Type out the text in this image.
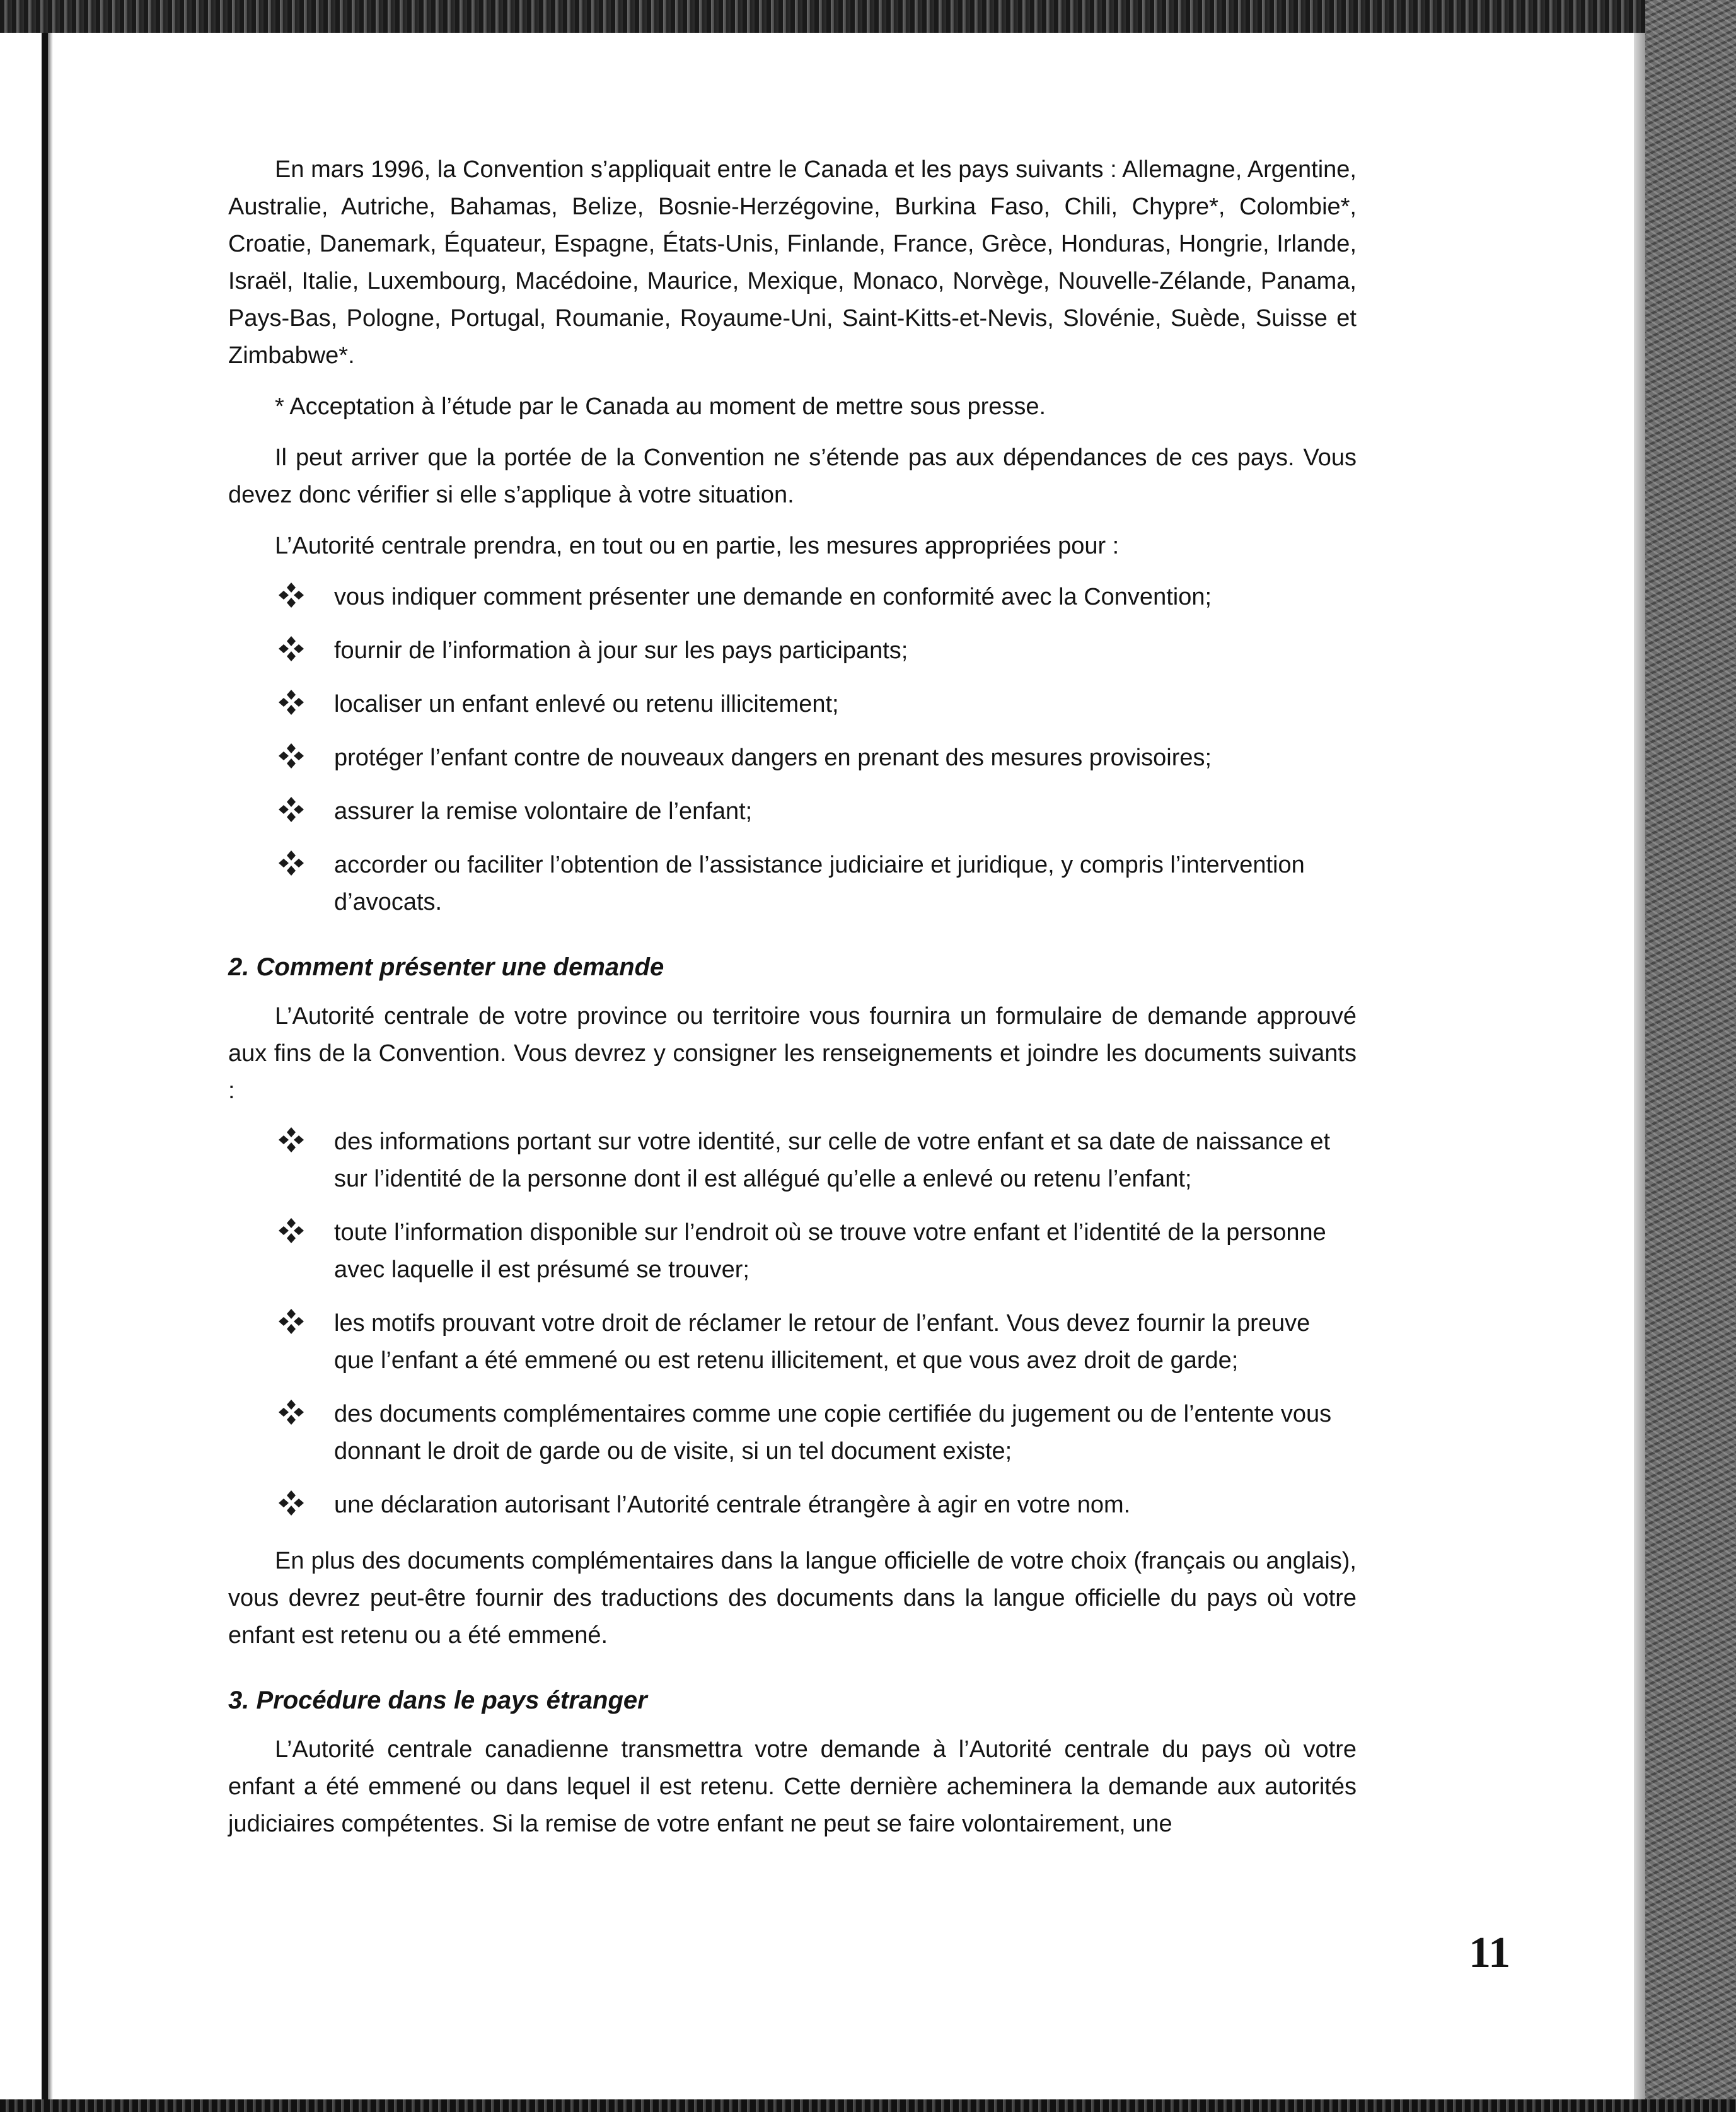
En mars 1996, la Convention s’appliquait entre le Canada et les pays suivants : Allemagne, Argentine, Australie, Autriche, Bahamas, Belize, Bosnie-Herzégovine, Burkina Faso, Chili, Chypre*, Colombie*, Croatie, Danemark, Équateur, Espagne, États-Unis, Finlande, France, Grèce, Honduras, Hongrie, Irlande, Israël, Italie, Luxembourg, Macédoine, Maurice, Mexique, Monaco, Norvège, Nouvelle-Zélande, Panama, Pays-Bas, Pologne, Portugal, Roumanie, Royaume-Uni, Saint-Kitts-et-Nevis, Slovénie, Suède, Suisse et Zimbabwe*.

* Acceptation à l’étude par le Canada au moment de mettre sous presse.

Il peut arriver que la portée de la Convention ne s’étende pas aux dépendances de ces pays. Vous devez donc vérifier si elle s’applique à votre situation.

L’Autorité centrale prendra, en tout ou en partie, les mesures appropriées pour :

vous indiquer comment présenter une demande en conformité avec la Convention;
fournir de l’information à jour sur les pays participants;
localiser un enfant enlevé ou retenu illicitement;
protéger l’enfant contre de nouveaux dangers en prenant des mesures provisoires;
assurer la remise volontaire de l’enfant;
accorder ou faciliter l’obtention de l’assistance judiciaire et juridique, y compris l’intervention d’avocats.
2. Comment présenter une demande

L’Autorité centrale de votre province ou territoire vous fournira un formulaire de demande approuvé aux fins de la Convention. Vous devrez y consigner les renseignements et joindre les documents suivants :

des informations portant sur votre identité, sur celle de votre enfant et sa date de naissance et sur l’identité de la personne dont il est allégué qu’elle a enlevé ou retenu l’enfant;
toute l’information disponible sur l’endroit où se trouve votre enfant et l’identité de la personne avec laquelle il est présumé se trouver;
les motifs prouvant votre droit de réclamer le retour de l’enfant. Vous devez fournir la preuve que l’enfant a été emmené ou est retenu illicitement, et que vous avez droit de garde;
des documents complémentaires comme une copie certifiée du jugement ou de l’entente vous donnant le droit de garde ou de visite, si un tel document existe;
une déclaration autorisant l’Autorité centrale étrangère à agir en votre nom.

En plus des documents complémentaires dans la langue officielle de votre choix (français ou anglais), vous devrez peut-être fournir des traductions des documents dans la langue officielle du pays où votre enfant est retenu ou a été emmené.

3. Procédure dans le pays étranger

L’Autorité centrale canadienne transmettra votre demande à l’Autorité centrale du pays où votre enfant a été emmené ou dans lequel il est retenu. Cette dernière acheminera la demande aux autorités judiciaires compétentes. Si la remise de votre enfant ne peut se faire volontairement, une

11
